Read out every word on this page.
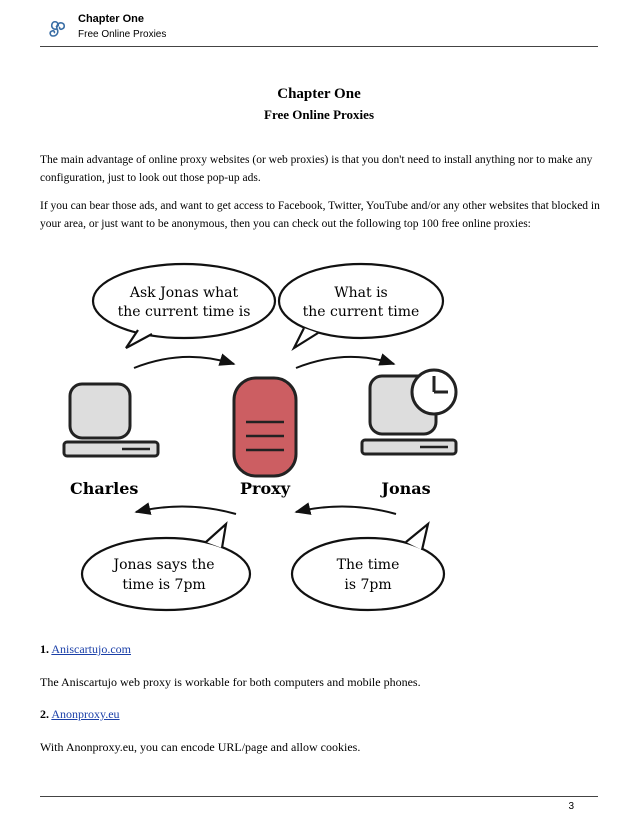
Chapter One
Free Online Proxies
Chapter One
Free Online Proxies
The main advantage of online proxy websites (or web proxies) is that you don't need to install anything nor to make any configuration, just to look out those pop-up ads.
If you can bear those ads, and want to get access to Facebook, Twitter, YouTube and/or any other websites that blocked in your area, or just want to be anonymous, then you can check out the following top 100 free online proxies:
Ask Jonas what
the current time is
What is
the current time
Charles	Proxy	Jonas
Jonas says the
time is 7pm
The time
is 7pm
1. Aniscartujo.com
The Aniscartujo web proxy is workable for both computers and mobile phones.
2. Anonproxy.eu
With Anonproxy.eu, you can encode URL/page and allow cookies.
3
